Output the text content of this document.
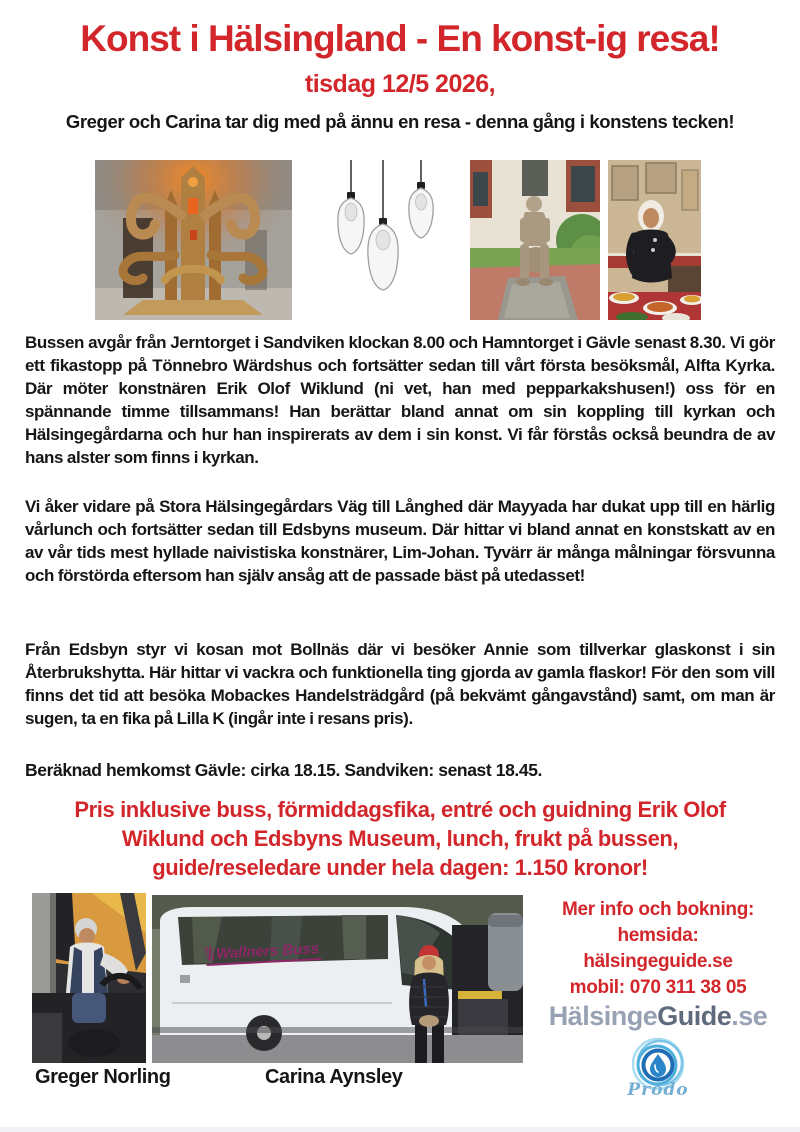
Konst i Hälsingland - En konst-ig resa!
tisdag 12/5 2026,
Greger och Carina tar dig med på ännu en resa - denna gång i konstens tecken!
Bussen avgår från Jerntorget i Sandviken klockan 8.00 och Hamntorget i Gävle senast 8.30. Vi gör ett fikastopp på Tönnebro Wärdshus och fortsätter sedan till vårt första besöksmål, Alfta Kyrka. Där möter konstnären Erik Olof Wiklund (ni vet, han med pepparkakshusen!) oss för en spännande timme tillsammans! Han berättar bland annat om sin koppling till kyrkan och Hälsingegårdarna och hur han inspirerats av dem i sin konst. Vi får förstås också beundra de av hans alster som finns i kyrkan.
Vi åker vidare på Stora Hälsingegårdars Väg till Långhed där Mayyada har dukat upp till en härlig vårlunch och fortsätter sedan till Edsbyns museum. Där hittar vi bland annat en konstskatt av en av vår tids mest hyllade naivistiska konstnärer, Lim-Johan. Tyvärr är många målningar försvunna och förstörda eftersom han själv ansåg att de passade bäst på utedasset!
Från Edsbyn styr vi kosan mot Bollnäs där vi besöker Annie som tillverkar glaskonst i sin Återbrukshytta. Här hittar vi vackra och funktionella ting gjorda av gamla flaskor! För den som vill finns det tid att besöka Mobackes Handelsträdgård (på bekvämt gångavstånd) samt, om man är sugen, ta en fika på Lilla K (ingår inte i resans pris).
Beräknad hemkomst Gävle: cirka 18.15. Sandviken: senast 18.45.
Pris inklusive buss, förmiddagsfika, entré och guidning Erik Olof
Wiklund och Edsbyns Museum, lunch, frukt på bussen,
guide/reseledare under hela dagen: 1.150 kronor!
Wallners Buss
Greger Norling	Carina Aynsley
Mer info och bokning:
hemsida:
hälsingeguide.se
mobil: 070 311 38 05
HälsingeGuide.se
Prodo
